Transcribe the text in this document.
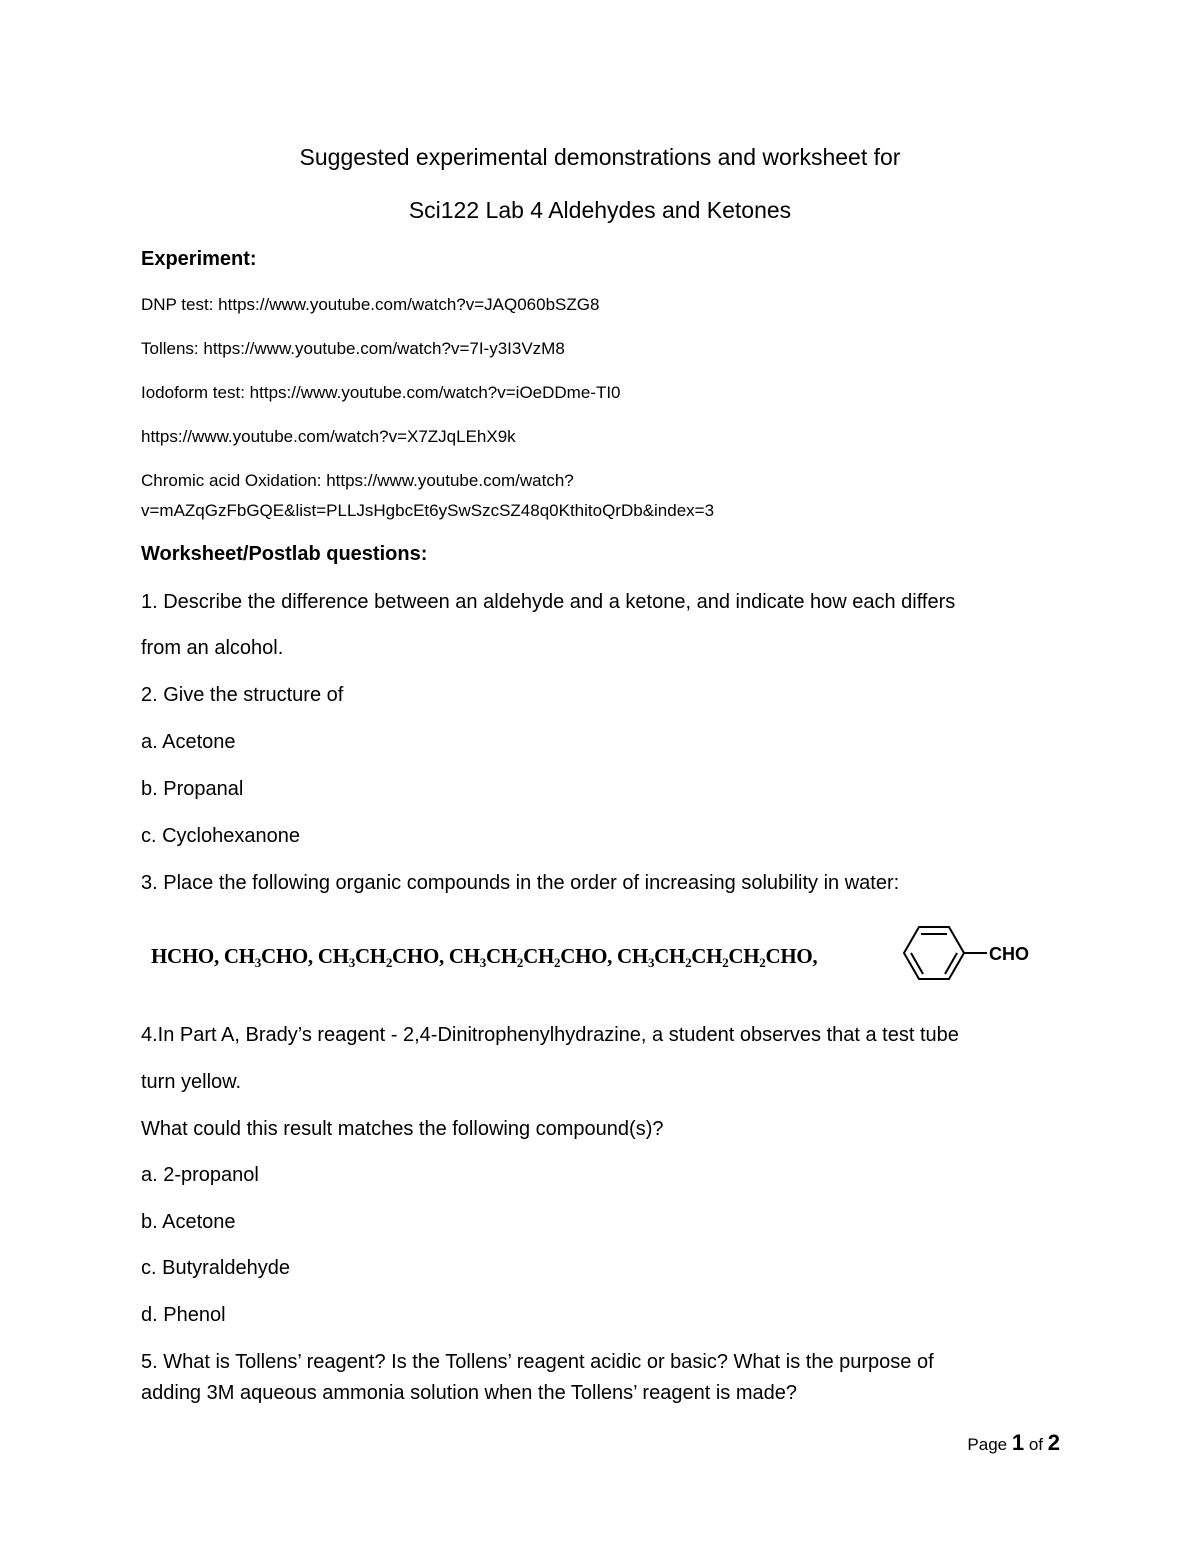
Suggested experimental demonstrations and worksheet for
Sci122 Lab 4 Aldehydes and Ketones
Experiment:
DNP test: https://www.youtube.com/watch?v=JAQ060bSZG8
Tollens: https://www.youtube.com/watch?v=7I-y3I3VzM8
Iodoform test: https://www.youtube.com/watch?v=iOeDDme-TI0
https://www.youtube.com/watch?v=X7ZJqLEhX9k
Chromic acid Oxidation: https://www.youtube.com/watch?
v=mAZqGzFbGQE&list=PLLJsHgbcEt6ySwSzcSZ48q0KthitoQrDb&index=3
Worksheet/Postlab questions:
1. Describe the difference between an aldehyde and a ketone, and indicate how each differs
from an alcohol.
2. Give the structure of
a. Acetone
b. Propanal
c. Cyclohexanone
3. Place the following organic compounds in the order of increasing solubility in water:
HCHO, $CH_3CHO$, $CH_3CH_2CHO$, $CH_3CH_2CH_2CHO$, $CH_3CH_2CH_2CH_2CHO$,	CHO
4.In Part A, Brady’s reagent - 2,4-Dinitrophenylhydrazine, a student observes that a test tube
turn yellow.
What could this result matches the following compound(s)?
a. 2-propanol
b. Acetone
c. Butyraldehyde
d. Phenol
5. What is Tollens’ reagent? Is the Tollens’ reagent acidic or basic? What is the purpose of
adding 3M aqueous ammonia solution when the Tollens’ reagent is made?
Page 1 of 2
